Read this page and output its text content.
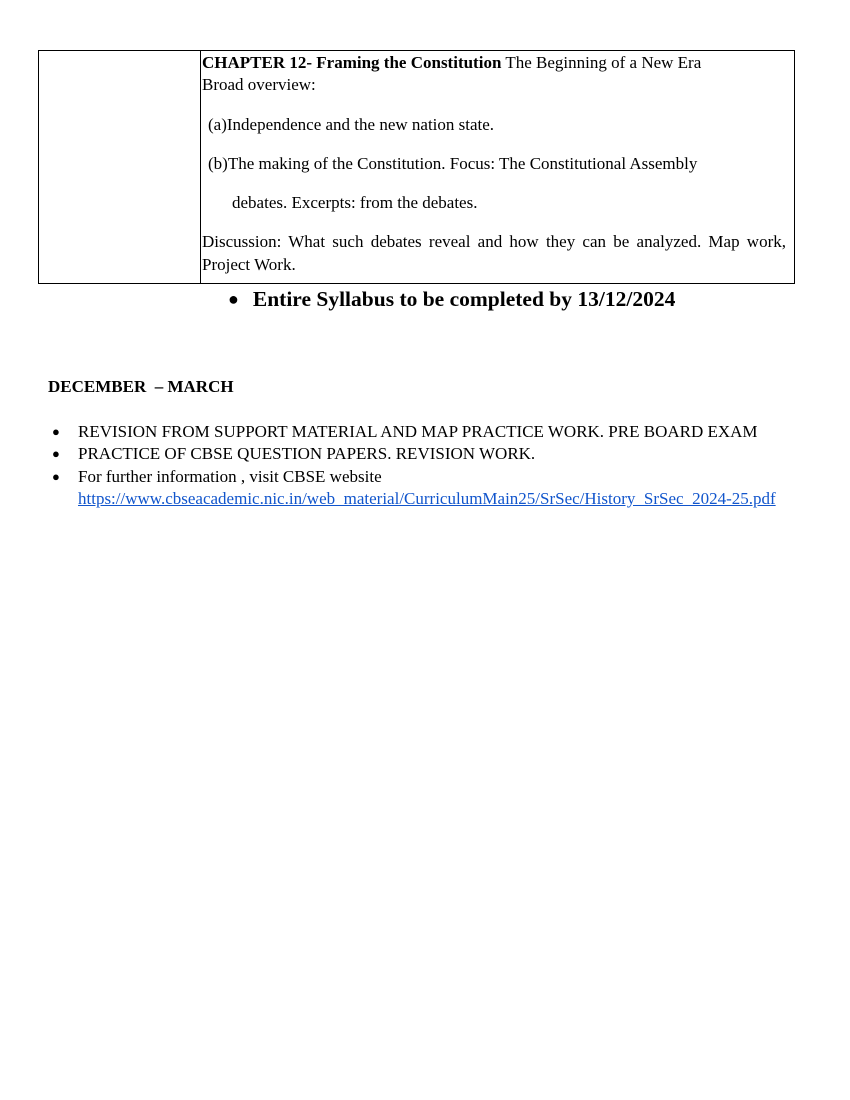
CHAPTER 12- Framing the Constitution The Beginning of a New Era

Broad overview:

(a) Independence and the new nation state.

(b) The making of the Constitution. Focus: The Constitutional Assembly

debates. Excerpts: from the debates.

Discussion: What such debates reveal and how they can be analyzed. Map work, Project Work.

● Entire Syllabus to be completed by 13/12/2024

DECEMBER  – MARCH

●	REVISION FROM SUPPORT MATERIAL AND MAP PRACTICE WORK. PRE BOARD EXAM
●	PRACTICE OF CBSE QUESTION PAPERS. REVISION WORK.
●	For further information , visit CBSE website
https://www.cbseacademic.nic.in/web_material/CurriculumMain25/SrSec/History_SrSec_2024-25.pdf
